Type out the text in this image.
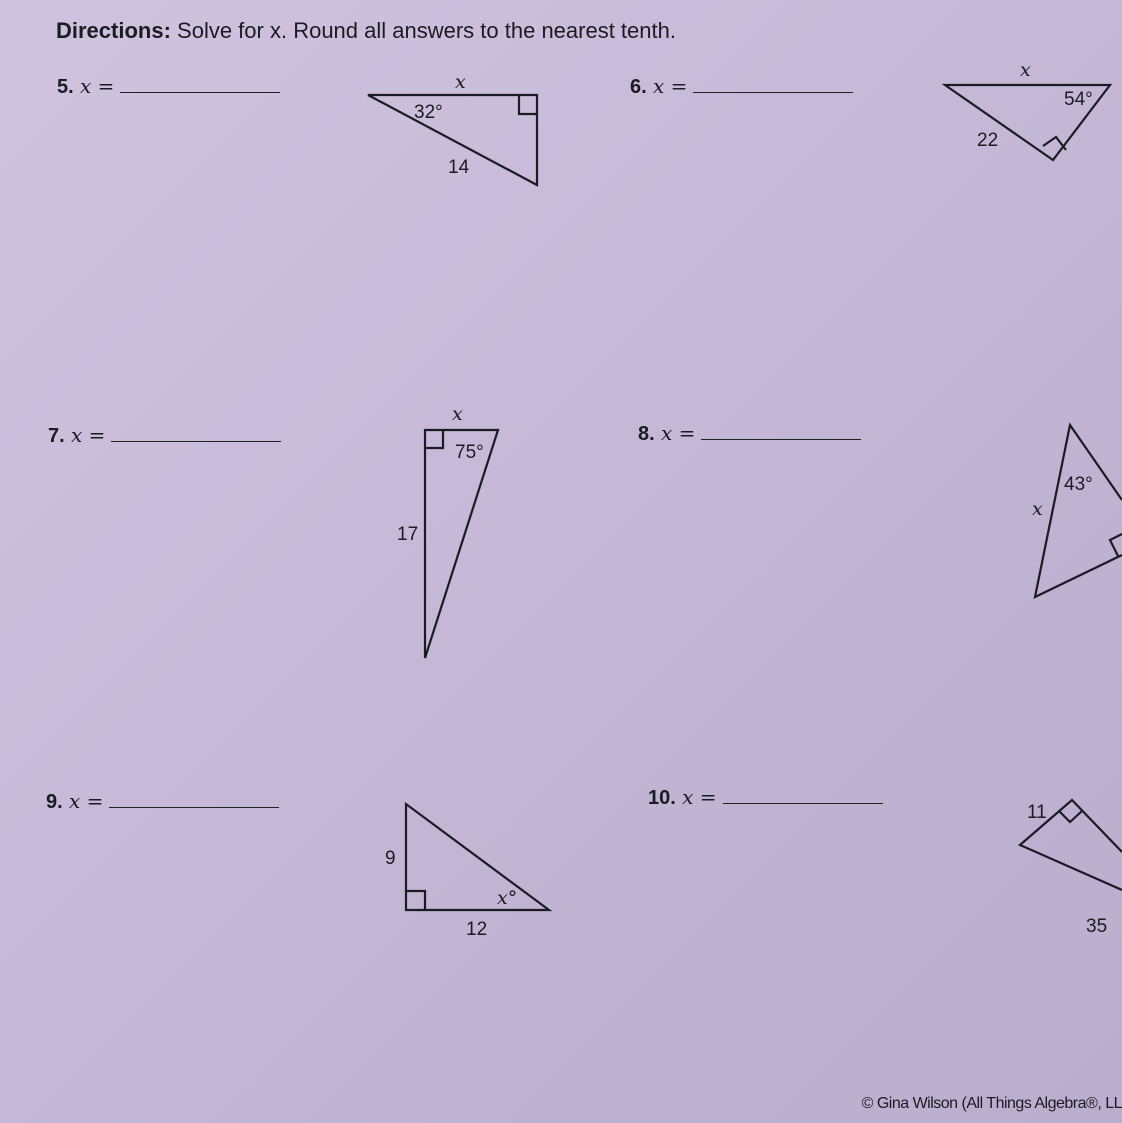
Directions: Solve for x. Round all answers to the nearest tenth.
5. x =	6. x =
7. x =	8. x =
9. x =	10. x =
x
32°
14
x
54°
22
x
75°
17
43°
x
9
x°
12
11
35
© Gina Wilson (All Things Algebra®, LL
